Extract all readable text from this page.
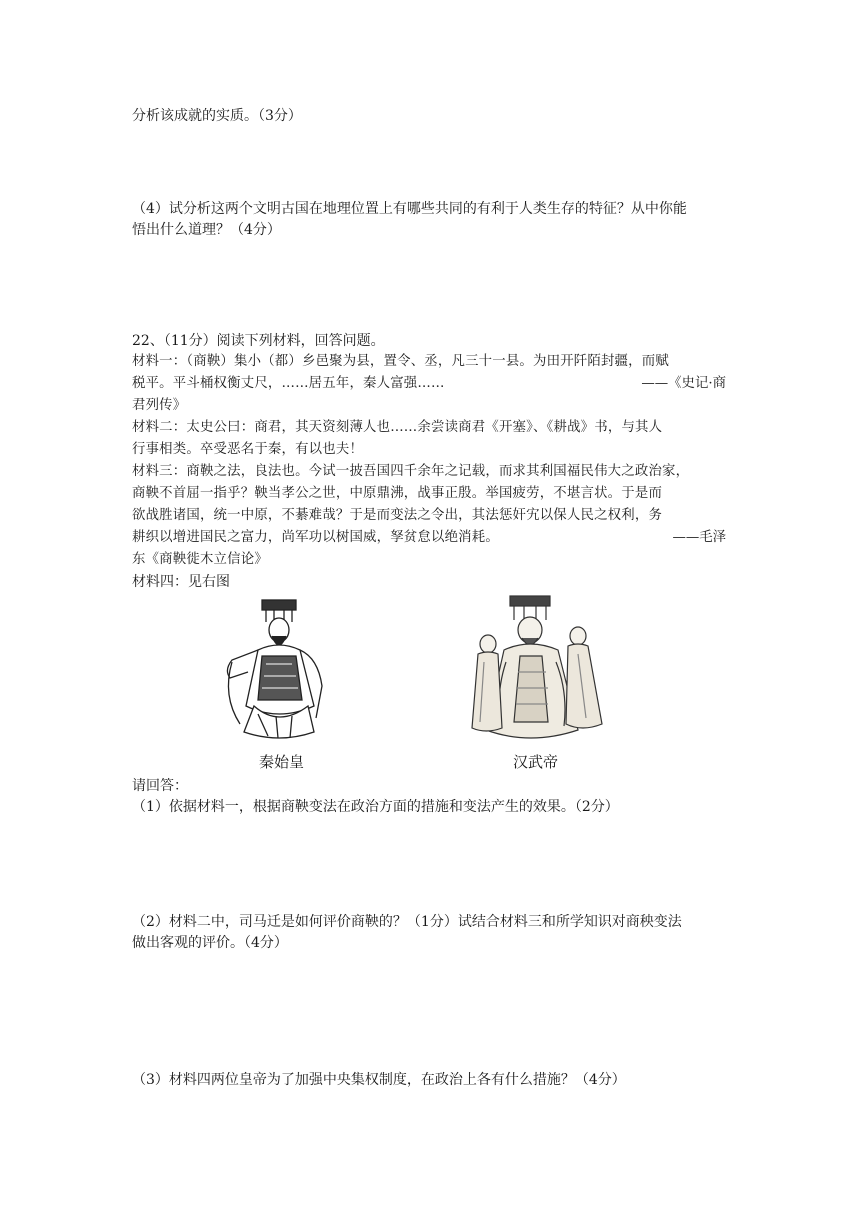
分析该成就的实质。（3分）
（4）试分析这两个文明古国在地理位置上有哪些共同的有利于人类生存的特征？从中你能
悟出什么道理？（4分）
22、（11分）阅读下列材料，回答问题。
材料一：（商鞅）集小（都）乡邑聚为县，置令、丞，凡三十一县。为田开阡陌封疆，而赋
税平。平斗桶权衡丈尺，……居五年，秦人富强……	——《史记·商
君列传》
材料二：太史公曰：商君，其天资刻薄人也……余尝读商君《开塞》、《耕战》书，与其人
行事相类。卒受恶名于秦，有以也夫！
材料三：商鞅之法，良法也。今试一披吾国四千余年之记载，而求其利国福民伟大之政治家，
商鞅不首屈一指乎？鞅当孝公之世，中原鼎沸，战事正殷。举国疲劳，不堪言状。于是而
欲战胜诸国，统一中原，不綦难哉？于是而变法之令出，其法惩奸宄以保人民之权利，务
耕织以增进国民之富力，尚军功以树国威，孥贫怠以绝消耗。	——毛泽
东《商鞅徙木立信论》
材料四：见右图
秦始皇	汉武帝
请回答：
（1）依据材料一，根据商鞅变法在政治方面的措施和变法产生的效果。（2分）
（2）材料二中，司马迁是如何评价商鞅的？（1分）试结合材料三和所学知识对商秧变法
做出客观的评价。（4分）
（3）材料四两位皇帝为了加强中央集权制度，在政治上各有什么措施？（4分）
